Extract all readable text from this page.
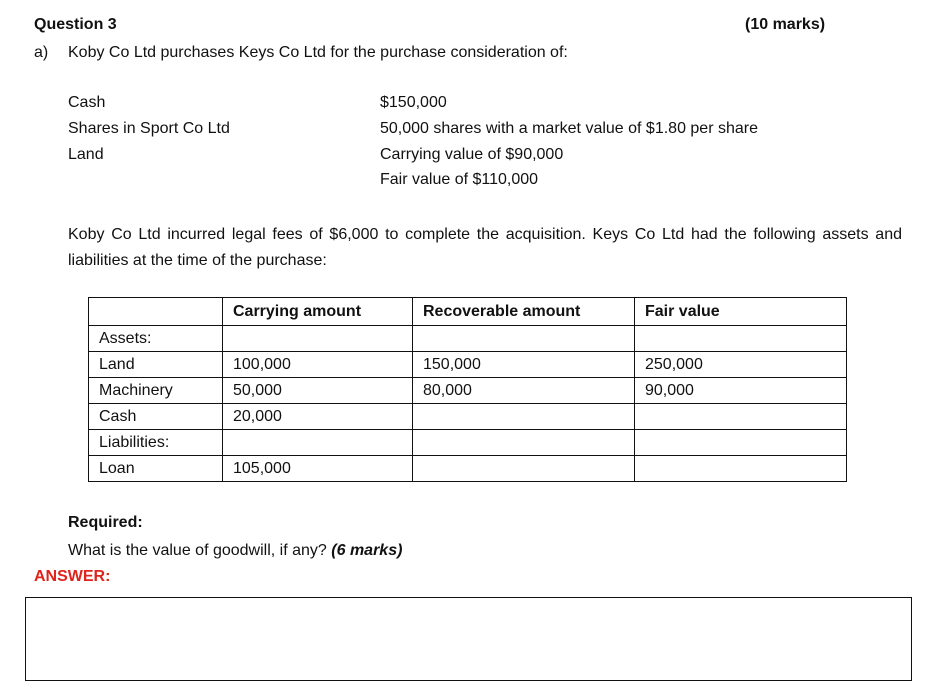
Question 3	(10 marks)
a) Koby Co Ltd purchases Keys Co Ltd for the purchase consideration of:
Cash	$150,000
Shares in Sport Co Ltd	50,000 shares with a market value of $1.80 per share
Land	Carrying value of $90,000
Fair value of $110,000
Koby Co Ltd incurred legal fees of $6,000 to complete the acquisition. Keys Co Ltd had the following assets and liabilities at the time of the purchase:
	Carrying amount	Recoverable amount	Fair value
Assets:			
Land	100,000	150,000	250,000
Machinery	50,000	80,000	90,000
Cash	20,000		
Liabilities:			
Loan	105,000		
Required:
What is the value of goodwill, if any? (6 marks)
ANSWER:
